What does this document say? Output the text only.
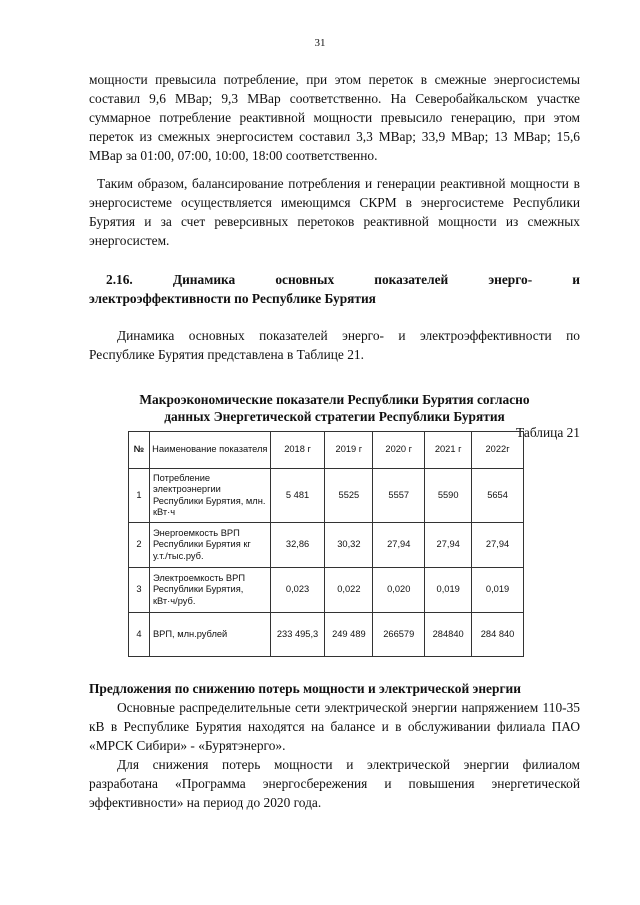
31

мощности превысила потребление, при этом переток в смежные энергосистемы составил 9,6 МВар; 9,3 МВар соответственно. На Северобайкальском участке суммарное потребление реактивной мощности превысило генерацию, при этом переток из смежных энергосистем составил 3,3 МВар; 33,9 МВар; 13 МВар; 15,6 МВар за 01:00, 07:00, 10:00, 18:00 соответственно.

Таким образом, балансирование потребления и генерации реактивной мощности в энергосистеме осуществляется имеющимся СКРМ в энергосистеме Республики Бурятия и за счет реверсивных перетоков реактивной мощности из смежных энергосистем.

2.16.	Динамика	основных	показателей	энерго-	и
электроэффективности по Республике Бурятия

Динамика основных показателей энерго- и электроэффективности по Республике Бурятия представлена в Таблице 21.

Макроэкономические показатели Республики Бурятия согласно
данных Энергетической стратегии Республики Бурятия
Таблица 21
№	Наименование показателя	2018 г	2019 г	2020 г	2021 г	2022г
1	Потребление электроэнергии Республики Бурятия, млн. кВт·ч	5 481	5525	5557	5590	5654
2	Энергоемкость ВРП Республики Бурятия кг у.т./тыс.руб.	32,86	30,32	27,94	27,94	27,94
3	Электроемкость ВРП Республики Бурятия, кВт·ч/руб.	0,023	0,022	0,020	0,019	0,019
4	ВРП, млн.рублей	233 495,3	249 489	266579	284840	284 840
Предложения по снижению потерь мощности и электрической энергии

Основные распределительные сети электрической энергии напряжением 110-35 кВ в Республике Бурятия находятся на балансе и в обслуживании филиала ПАО «МРСК Сибири» - «Бурятэнерго».

Для снижения потерь мощности и электрической энергии филиалом разработана «Программа энергосбережения и повышения энергетической эффективности» на период до 2020 года.
